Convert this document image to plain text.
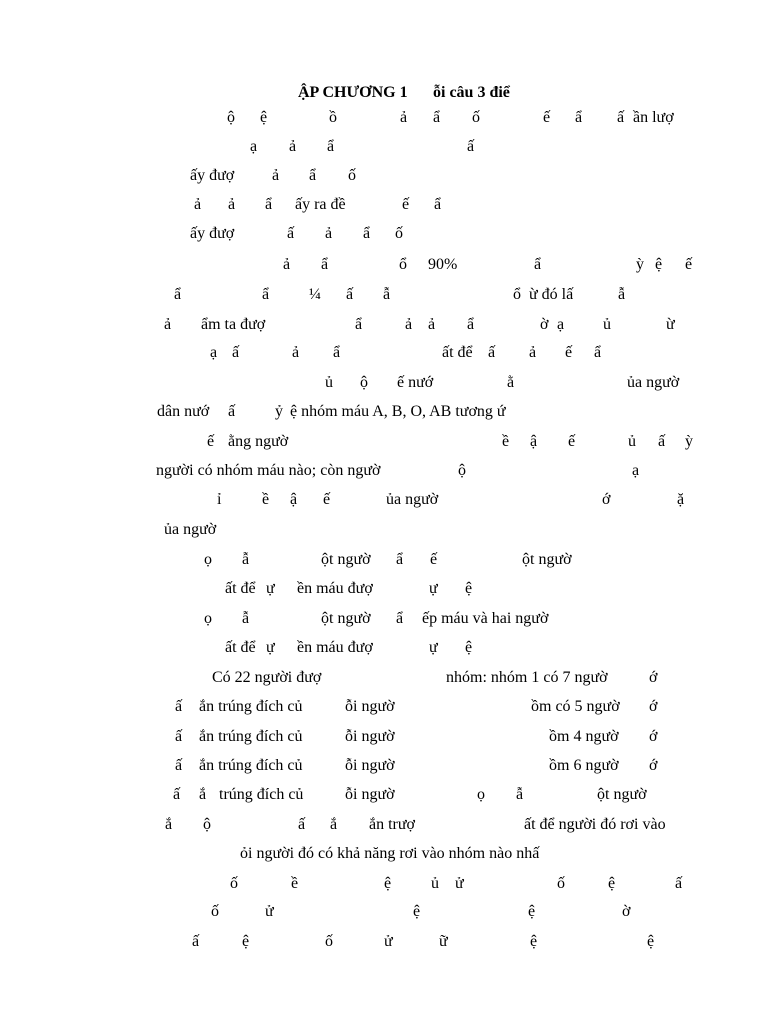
ẬP CHƯƠNG 1 ỗi câu 3 điể
ộ ệ	ồ	ả ẩ ố	ế ẩ ấ ần lượ
ạ ả ẩ	ấ
ấy đượ ả ẩ ố
ả ả ẩ ấy ra đề	ế ẩ
ấy đượ	ấ ả ẩ ố
ả ẩ	ổ 90%	ẩ	ỳ ệ ế
ẩ	ẩ ¼ ấ ẫ	ổ ừ đó lấ	ẫ
ả ẩm ta đượ	ẩ	ả ả ẩ	ờ ạ ủ	ừ
ạ ấ	ả ẩ	ất để ấ ả ế ẩ
ủ ộ ế nướ	ằ	ủa ngườ
dân nướ ấ ỷ ệ nhóm máu A, B, O, AB tương ứ
ế ằng ngườ	ề ậ ế	ủ ấ ỳ
người có nhóm máu nào; còn ngườ	ộ	ạ
ỉ	ề ậ ế	ủa ngườ	ớ	ặ
ủa ngườ
ọ ẫ	ột ngườ ẩ ế	ột ngườ
ất để ự ền máu đượ	ự ệ
ọ ẫ	ột ngườ ẩ ếp máu và hai ngườ
ất để ự ền máu đượ	ự ệ
Có 22 người đượ	nhóm: nhóm 1 có 7 ngườ	ớ
ấ ắn trúng đích củ	ỗi ngườ	ồm có 5 ngườ ớ
ấ ắn trúng đích củ	ỗi ngườ	ồm 4 ngườ ớ
ấ ắn trúng đích củ	ỗi ngườ	ồm 6 ngườ ớ
ấ ắ trúng đích củ	ỗi ngườ	ọ ẫ	ột ngườ
ắ ộ	ấ ắ ắn trượ	ất để người đó rơi vào
ỏi người đó có khả năng rơi vào nhóm nào nhấ
ố	ề	ệ ủ ử	ố	ệ	ấ
ố	ử	ệ	ệ	ờ
ấ	ệ	ố	ử	ữ	ệ	ệ
